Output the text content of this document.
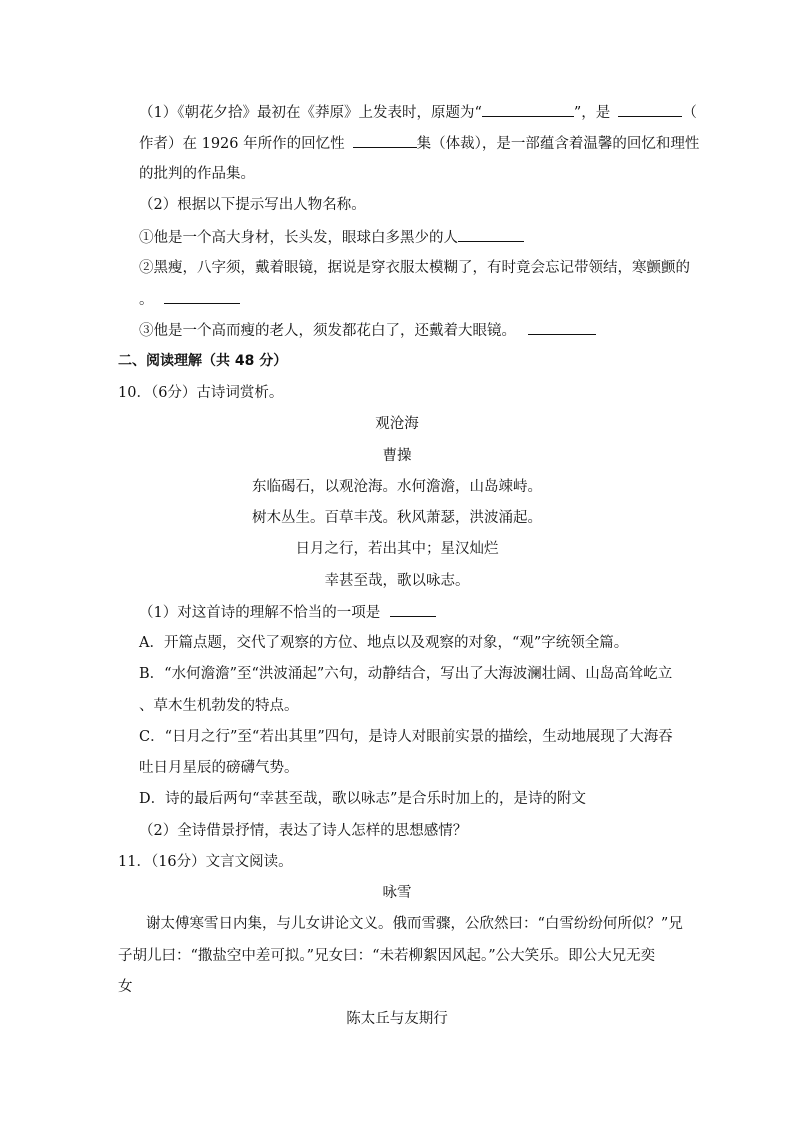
（1）《朝花夕拾》最初在《莽原》上发表时，原题为“	”，是	（
作者）在 1926 年所作的回忆性	集（体裁），是一部蕴含着温馨的回忆和理性
的批判的作品集。
（2）根据以下提示写出人物名称。
①他是一个高大身材，长头发，眼球白多黑少的人
②黑瘦，八字须，戴着眼镜，据说是穿衣服太模糊了，有时竟会忘记带领结，寒颤颤的
。
③他是一个高而瘦的老人，须发都花白了，还戴着大眼镜。
二、阅读理解（共 48 分）
10．（6分）古诗词赏析。
观沧海
曹操
东临碣石，以观沧海。水何澹澹，山岛竦峙。
树木丛生。百草丰茂。秋风萧瑟，洪波涌起。
日月之行，若出其中；星汉灿烂
幸甚至哉，歌以咏志。
（1）对这首诗的理解不恰当的一项是
A．开篇点题，交代了观察的方位、地点以及观察的对象，“观”字统领全篇。
B．“水何澹澹”至“洪波涌起”六句，动静结合，写出了大海波澜壮阔、山岛高耸屹立
、草木生机勃发的特点。
C．“日月之行”至“若出其里”四句，是诗人对眼前实景的描绘，生动地展现了大海吞
吐日月星辰的磅礴气势。
D．诗的最后两句“幸甚至哉，歌以咏志”是合乐时加上的，是诗的附文
（2）全诗借景抒情，表达了诗人怎样的思想感情？
11．（16分）文言文阅读。
咏雪
谢太傅寒雪日内集，与儿女讲论文义。俄而雪骤，公欣然曰：“白雪纷纷何所似？”兄
子胡儿曰：“撒盐空中差可拟。”兄女曰：“未若柳絮因风起。”公大笑乐。即公大兄无奕
女
陈太丘与友期行
